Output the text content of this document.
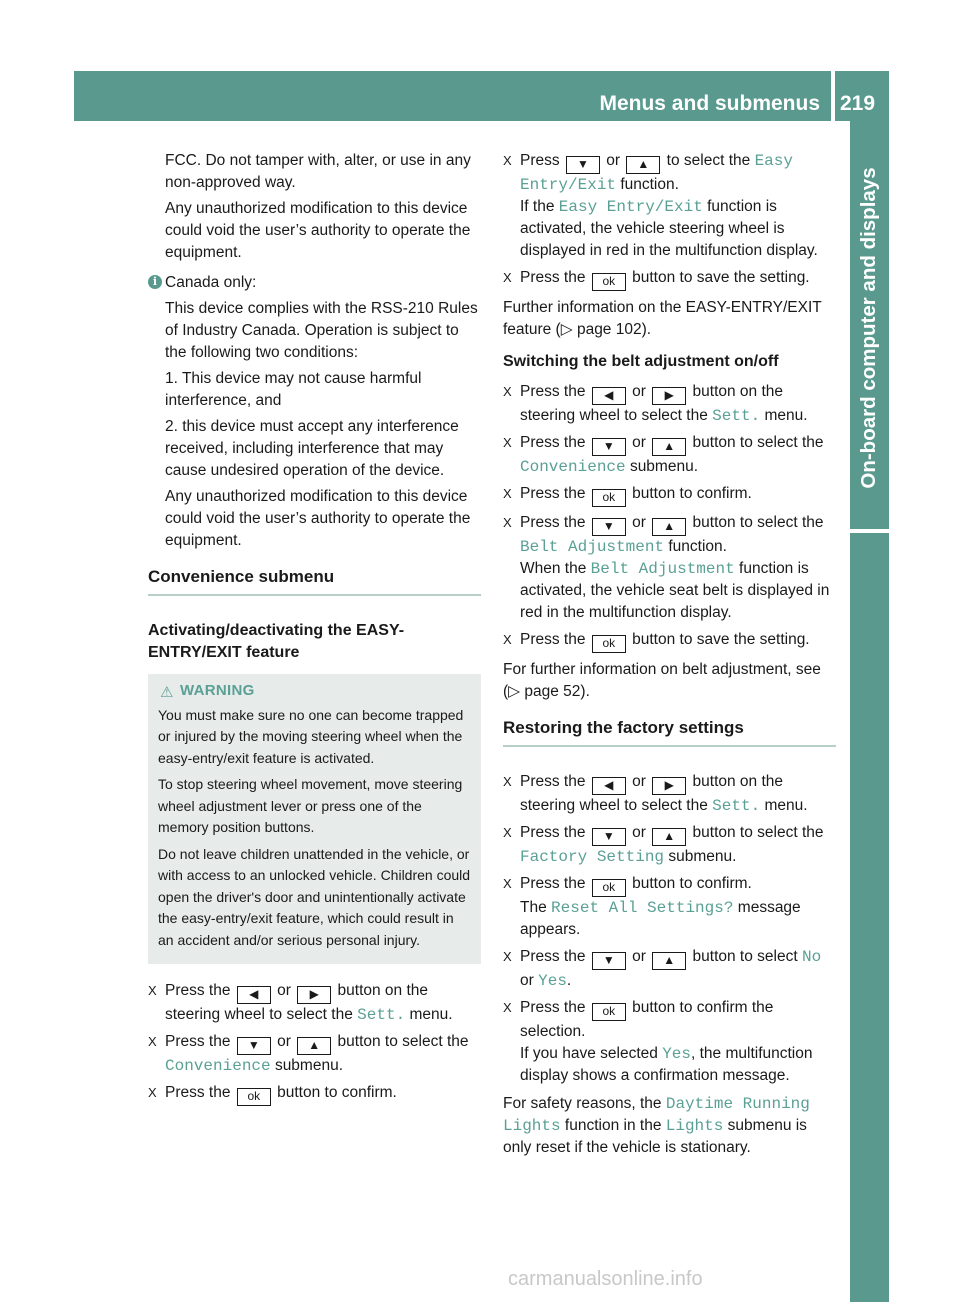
Menus and submenus 219
On-board computer and displays

FCC. Do not tamper with, alter, or use in any non-approved way.

Any unauthorized modification to this device could void the user’s authority to operate the equipment.

i Canada only:

This device complies with the RSS-210 Rules of Industry Canada. Operation is subject to the following two conditions:

1. This device may not cause harmful interference, and

2. this device must accept any interference received, including interference that may cause undesired operation of the device.

Any unauthorized modification to this device could void the user’s authority to operate the equipment.

Convenience submenu
Activating/deactivating the EASY-ENTRY/EXIT feature
⚠ WARNING

You must make sure no one can become trapped or injured by the moving steering wheel when the easy-entry/exit feature is activated.

To stop steering wheel movement, move steering wheel adjustment lever or press one of the memory position buttons.

Do not leave children unattended in the vehicle, or with access to an unlocked vehicle. Children could open the driver's door and unintentionally activate the easy-entry/exit feature, which could result in an accident and/or serious personal injury.

X Press the ◀ or ▶ button on the steering wheel to select the Sett. menu.
X Press the ▼ or ▲ button to select the Convenience submenu.
X Press the ok button to confirm.
X Press ▼ or ▲ to select the Easy Entry/Exit function.
If the Easy Entry/Exit function is activated, the vehicle steering wheel is displayed in red in the multifunction display.
X Press the ok button to save the setting.

Further information on the EASY-ENTRY/EXIT feature (▷ page 102).

Switching the belt adjustment on/off
X Press the ◀ or ▶ button on the steering wheel to select the Sett. menu.
X Press the ▼ or ▲ button to select the Convenience submenu.
X Press the ok button to confirm.
X Press the ▼ or ▲ button to select the Belt Adjustment function.
When the Belt Adjustment function is activated, the vehicle seat belt is displayed in red in the multifunction display.
X Press the ok button to save the setting.

For further information on belt adjustment, see (▷ page 52).

Restoring the factory settings
X Press the ◀ or ▶ button on the steering wheel to select the Sett. menu.
X Press the ▼ or ▲ button to select the Factory Setting submenu.
X Press the ok button to confirm.
The Reset All Settings? message appears.
X Press the ▼ or ▲ button to select No or Yes.
X Press the ok button to confirm the selection.
If you have selected Yes, the multifunction display shows a confirmation message.

For safety reasons, the Daytime Running Lights function in the Lights submenu is only reset if the vehicle is stationary.

carmanualsonline.info
